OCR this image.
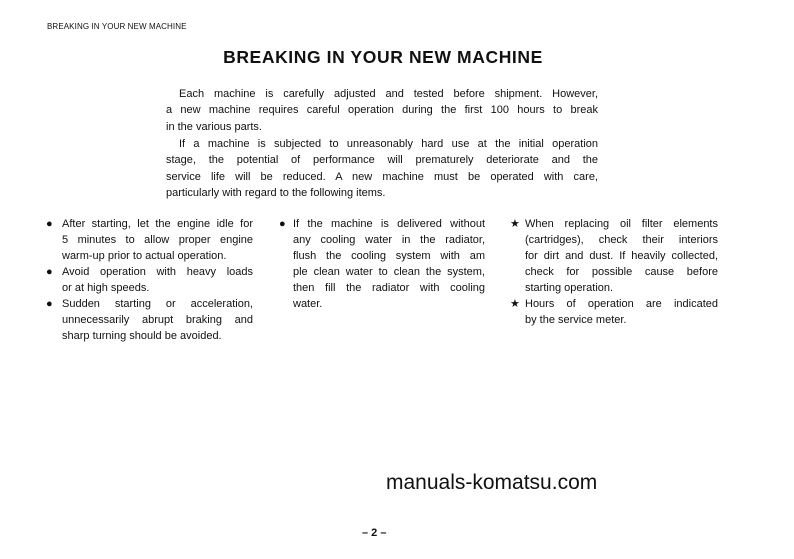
BREAKING IN YOUR NEW MACHINE
BREAKING IN YOUR NEW MACHINE
Each machine is carefully adjusted and tested before shipment. However,
a new machine requires careful operation during the first 100 hours to break
in the various parts.
If a machine is subjected to unreasonably hard use at the initial operation
stage, the potential of performance will prematurely deteriorate and the
service life will be reduced. A new machine must be operated with care,
particularly with regard to the following items.
● After starting, let the engine idle for
5 minutes to allow proper engine
warm-up prior to actual operation.
● Avoid operation with heavy loads
or at high speeds.
● Sudden starting or acceleration,
unnecessarily abrupt braking and
sharp turning should be avoided.
● If the machine is delivered without
any cooling water in the radiator,
flush the cooling system with am
ple clean water to clean the system,
then fill the radiator with cooling
water.
★ When replacing oil filter elements
(cartridges), check their interiors
for dirt and dust. If heavily collected,
check for possible cause before
starting operation.
★ Hours of operation are indicated
by the service meter.
manuals-komatsu.com
– 2 –
